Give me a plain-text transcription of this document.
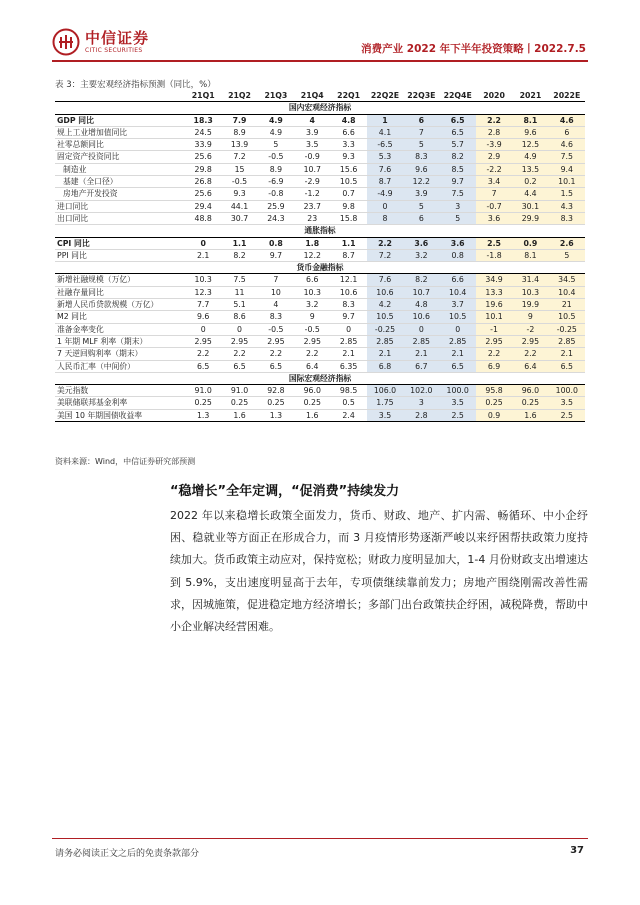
中信证券
CITIC SECURITIES	消费产业 2022 年下半年投资策略丨2022.7.5
表 3：主要宏观经济指标预测（同比，%）
	21Q1	21Q2	21Q3	21Q4	22Q1	22Q2E	22Q3E	22Q4E	2020	2021	2022E
国内宏观经济指标											
GDP 同比	18.3	7.9	4.9	4	4.8	1	6	6.5	2.2	8.1	4.6
规上工业增加值同比	24.5	8.9	4.9	3.9	6.6	4.1	7	6.5	2.8	9.6	6
社零总额同比	33.9	13.9	5	3.5	3.3	-6.5	5	5.7	-3.9	12.5	4.6
固定资产投资同比	25.6	7.2	-0.5	-0.9	9.3	5.3	8.3	8.2	2.9	4.9	7.5
制造业	29.8	15	8.9	10.7	15.6	7.6	9.6	8.5	-2.2	13.5	9.4
基建（全口径）	26.8	-0.5	-6.9	-2.9	10.5	8.7	12.2	9.7	3.4	0.2	10.1
房地产开发投资	25.6	9.3	-0.8	-1.2	0.7	-4.9	3.9	7.5	7	4.4	1.5
进口同比	29.4	44.1	25.9	23.7	9.8	0	5	3	-0.7	30.1	4.3
出口同比	48.8	30.7	24.3	23	15.8	8	6	5	3.6	29.9	8.3
通胀指标											
CPI 同比	0	1.1	0.8	1.8	1.1	2.2	3.6	3.6	2.5	0.9	2.6
PPI 同比	2.1	8.2	9.7	12.2	8.7	7.2	3.2	0.8	-1.8	8.1	5
货币金融指标											
新增社融规模（万亿）	10.3	7.5	7	6.6	12.1	7.6	8.2	6.6	34.9	31.4	34.5
社融存量同比	12.3	11	10	10.3	10.6	10.6	10.7	10.4	13.3	10.3	10.4
新增人民币贷款规模（万亿）	7.7	5.1	4	3.2	8.3	4.2	4.8	3.7	19.6	19.9	21
M2 同比	9.6	8.6	8.3	9	9.7	10.5	10.6	10.5	10.1	9	10.5
准备金率变化	0	0	-0.5	-0.5	0	-0.25	0	0	-1	-2	-0.25
1 年期 MLF 利率（期末）	2.95	2.95	2.95	2.95	2.85	2.85	2.85	2.85	2.95	2.95	2.85
7 天逆回购利率（期末）	2.2	2.2	2.2	2.2	2.1	2.1	2.1	2.1	2.2	2.2	2.1
人民币汇率（中间价）	6.5	6.5	6.5	6.4	6.35	6.8	6.7	6.5	6.9	6.4	6.5
国际宏观经济指标											
美元指数	91.0	91.0	92.8	96.0	98.5	106.0	102.0	100.0	95.8	96.0	100.0
美联储联邦基金利率	0.25	0.25	0.25	0.25	0.5	1.75	3	3.5	0.25	0.25	3.5
美国 10 年期国债收益率	1.3	1.6	1.3	1.6	2.4	3.5	2.8	2.5	0.9	1.6	2.5
资料来源：Wind，中信证券研究部预测
“稳增长”全年定调，“促消费”持续发力
2022 年以来稳增长政策全面发力，货币、财政、地产、扩内需、畅循环、中小企纾困、稳就业等方面正在形成合力，而 3 月疫情形势逐渐严峻以来纾困帮扶政策力度持续加大。货币政策主动应对，保持宽松；财政力度明显加大，1-4 月份财政支出增速达到 5.9%，支出速度明显高于去年，专项债继续靠前发力；房地产围绕刚需改善性需求，因城施策，促进稳定地方经济增长；多部门出台政策扶企纾困，减税降费，帮助中小企业解决经营困难。
请务必阅读正文之后的免责条款部分	37
